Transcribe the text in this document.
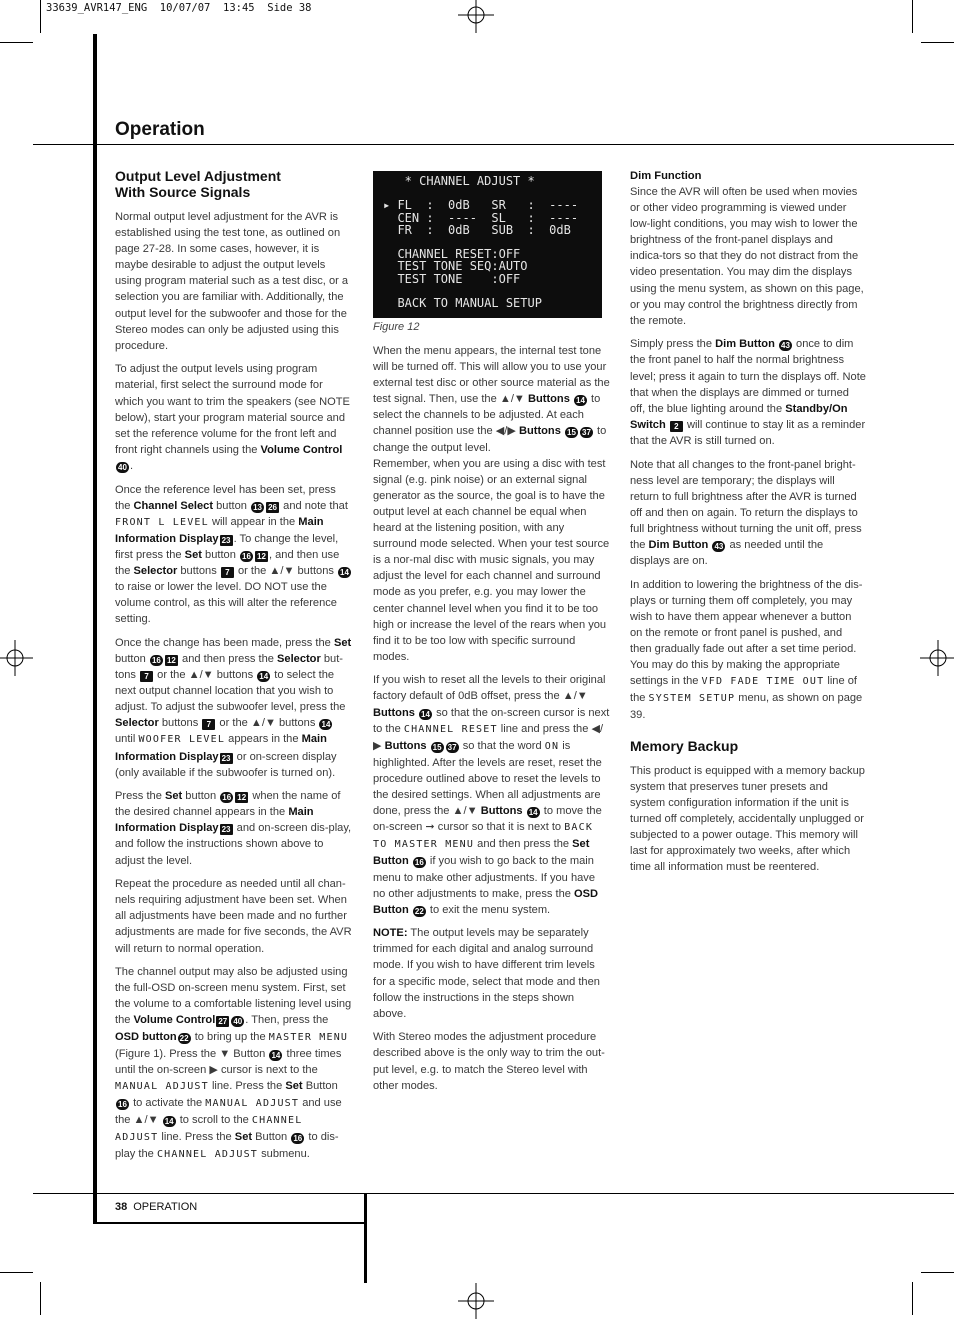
33639_AVR147_ENG  10/07/07  13:45  Side 38
Operation
Output Level Adjustment
With Source Signals

Normal output level adjustment for the AVR is established using the test tone, as outlined on page 27-28. In some cases, however, it is maybe desirable to adjust the output levels using program material such as a test disc, or a selection you are familiar with. Additionally, the output level for the subwoofer and those for the Stereo modes can only be adjusted using this procedure.

To adjust the output levels using program material, first select the surround mode for which you want to trim the speakers (see NOTE below), start your program material source and set the reference volume for the front left and front right channels using the Volume Control40 .

Once the reference level has been set, press the Channel Select button 13 26 and note that FRONT L LEVEL will appear in the Main Information Display 23 . To change the level, first press the Set button 16 12 , and then use the Selector buttons 7 or the ▲/▼ buttons 14 to raise or lower the level. DO NOT use the volume control, as this will alter the reference setting.

Once the change has been made, press the Set button 16 12 and then press the Selector but-tons 7 or the ▲/▼ buttons 14 to select the next output channel location that you wish to adjust. To adjust the subwoofer level, press the Selector buttons 7 or the ▲/▼ buttons 14 until WOOFER LEVEL appears in the Main Information Display 23 or on-screen display (only available if the subwoofer is turned on).

Press the Set button 16 12 when the name of the desired channel appears in the Main Information Display 23 and on-screen dis-play, and follow the instructions shown above to adjust the level.

Repeat the procedure as needed until all chan-nels requiring adjustment have been set. When all adjustments have been made and no further adjustments are made for five seconds, the AVR will return to normal operation.

The channel output may also be adjusted using the full-OSD on-screen menu system. First, set the volume to a comfortable listening level using the Volume Control 27 40 . Then, press the OSD button 22 to bring up the MASTER MENU (Figure 1). Press the ▼ Button 14 three times until the on-screen ▶ cursor is next to the MANUAL ADJUST line. Press the Set Button 16 to activate the MANUAL ADJUST and use the ▲/▼ 14 to scroll to the CHANNEL ADJUST line. Press the Set Button 16 to dis-play the CHANNEL ADJUST submenu.

* CHANNEL ADJUST *

▸ FL  :  0dB   SR   :  ----
CEN :  ----  SL   :  ----
FR  :  0dB   SUB  :  0dB

CHANNEL RESET:OFF
TEST TONE SEQ:AUTO
TEST TONE    :OFF

BACK TO MANUAL SETUP
Figure 12

When the menu appears, the internal test tone will be turned off. This will allow you to use your external test disc or other source material as the test signal. Then, use the ▲/▼ Buttons 14 to select the channels to be adjusted. At each channel position use the ◀/▶ Buttons 15 37 to change the output level.

Remember, when you are using a disc with test signal (e.g. pink noise) or an external signal generator as the source, the goal is to have the output level at each channel be equal when heard at the listening position, with any surround mode selected. When your test source is a nor-mal disc with music signals, you may adjust the level for each channel and surround mode as you prefer, e.g. you may lower the center channel level when you find it to be too high or increase the level of the rears when you find it to be too low with specific surround modes.

If you wish to reset all the levels to their original factory default of 0dB offset, press the ▲/▼ Buttons 14 so that the on-screen cursor is next to the CHANNEL RESET line and press the ◀/▶ Buttons 15 37 so that the word ON is highlighted. After the levels are reset, reset the procedure outlined above to reset the levels to the desired settings. When all adjustments are done, press the ▲/▼ Buttons 14 to move the on-screen ➞ cursor so that it is next to BACK TO MASTER MENU and then press the Set Button 16 if you wish to go back to the main menu to make other adjustments. If you have no other adjustments to make, press the OSD Button 22 to exit the menu system.

NOTE: The output levels may be separately trimmed for each digital and analog surround mode. If you wish to have different trim levels for a specific mode, select that mode and then follow the instructions in the steps shown above.

With Stereo modes the adjustment procedure described above is the only way to trim the out-put level, e.g. to match the Stereo level with other modes.

Dim Function

Since the AVR will often be used when movies or other video programming is viewed under low-light conditions, you may wish to lower the brightness of the front-panel displays and indica-tors so that they do not distract from the video presentation. You may dim the displays using the menu system, as shown on this page, or you may control the brightness directly from the remote.

Simply press the Dim Button 43 once to dim the front panel to half the normal brightness level; press it again to turn the displays off. Note that when the displays are dimmed or turned off, the blue lighting around the Standby/On Switch 2 will continue to stay lit as a reminder that the AVR is still turned on.

Note that all changes to the front-panel bright-ness level are temporary; the displays will return to full brightness after the AVR is turned off and then on again. To return the displays to full brightness without turning the unit off, press the Dim Button 43 as needed until the displays are on.

In addition to lowering the brightness of the dis-plays or turning them off completely, you may wish to have them appear whenever a button on the remote or front panel is pushed, and then gradually fade out after a set time period. You may do this by making the appropriate settings in the VFD FADE TIME OUT line of the SYSTEM SETUP menu, as shown on page 39.

Memory Backup

This product is equipped with a memory backup system that preserves tuner presets and system configuration information if the unit is turned off completely, accidentally unplugged or subjected to a power outage. This memory will last for approximately two weeks, after which time all information must be reentered.

38 OPERATION
